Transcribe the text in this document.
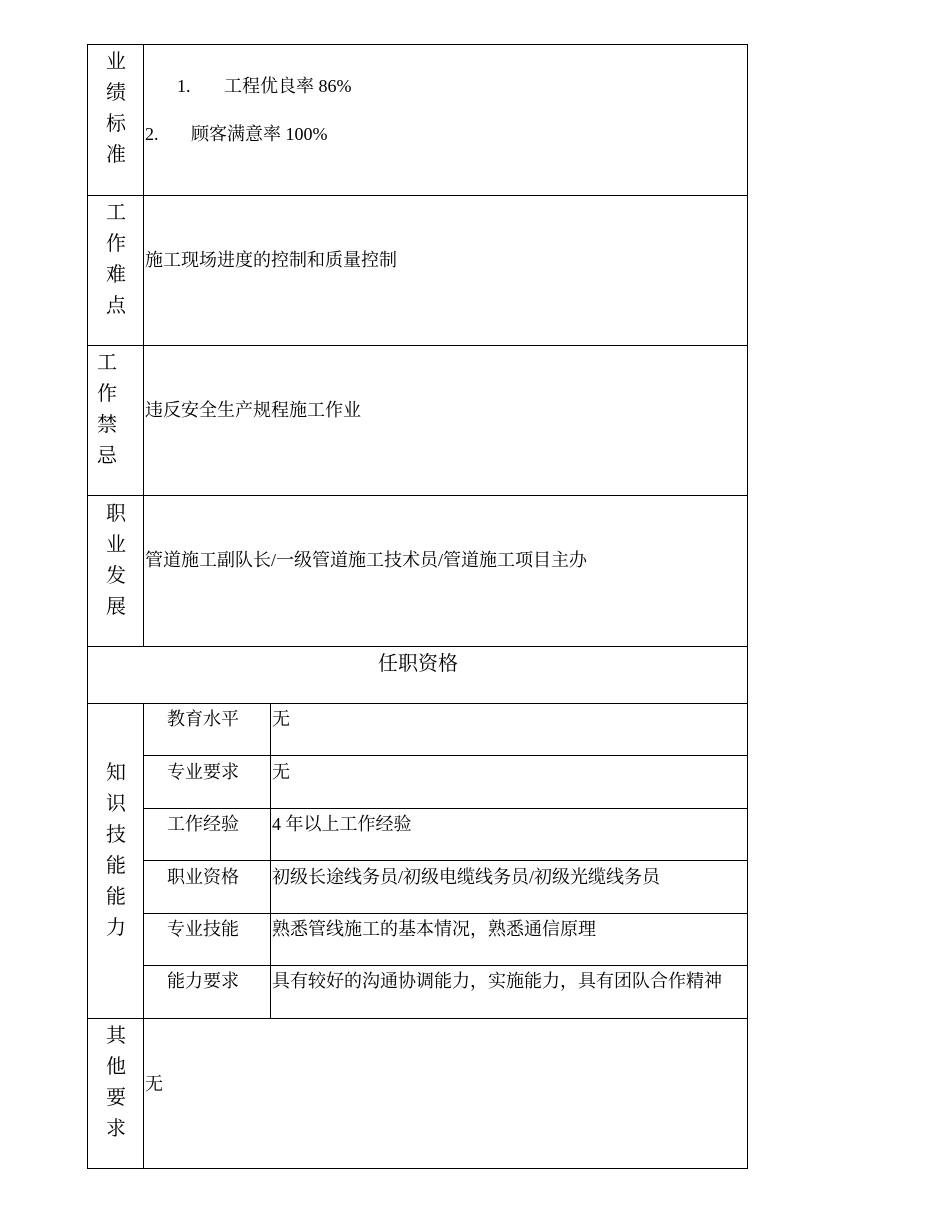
业
绩
标
准
1. 工程优良率 86%
2. 顾客满意率 100%
工
作
难
点
施工现场进度的控制和质量控制
工
作
禁
忌
违反安全生产规程施工作业
职
业
发
展
管道施工副队长/一级管道施工技术员/管道施工项目主办
任职资格
知
识
技
能
能
力
教育水平 无
专业要求 无
工作经验 4 年以上工作经验
职业资格 初级长途线务员/初级电缆线务员/初级光缆线务员
专业技能 熟悉管线施工的基本情况，熟悉通信原理
能力要求 具有较好的沟通协调能力，实施能力，具有团队合作精神
其
他
要
求
无
